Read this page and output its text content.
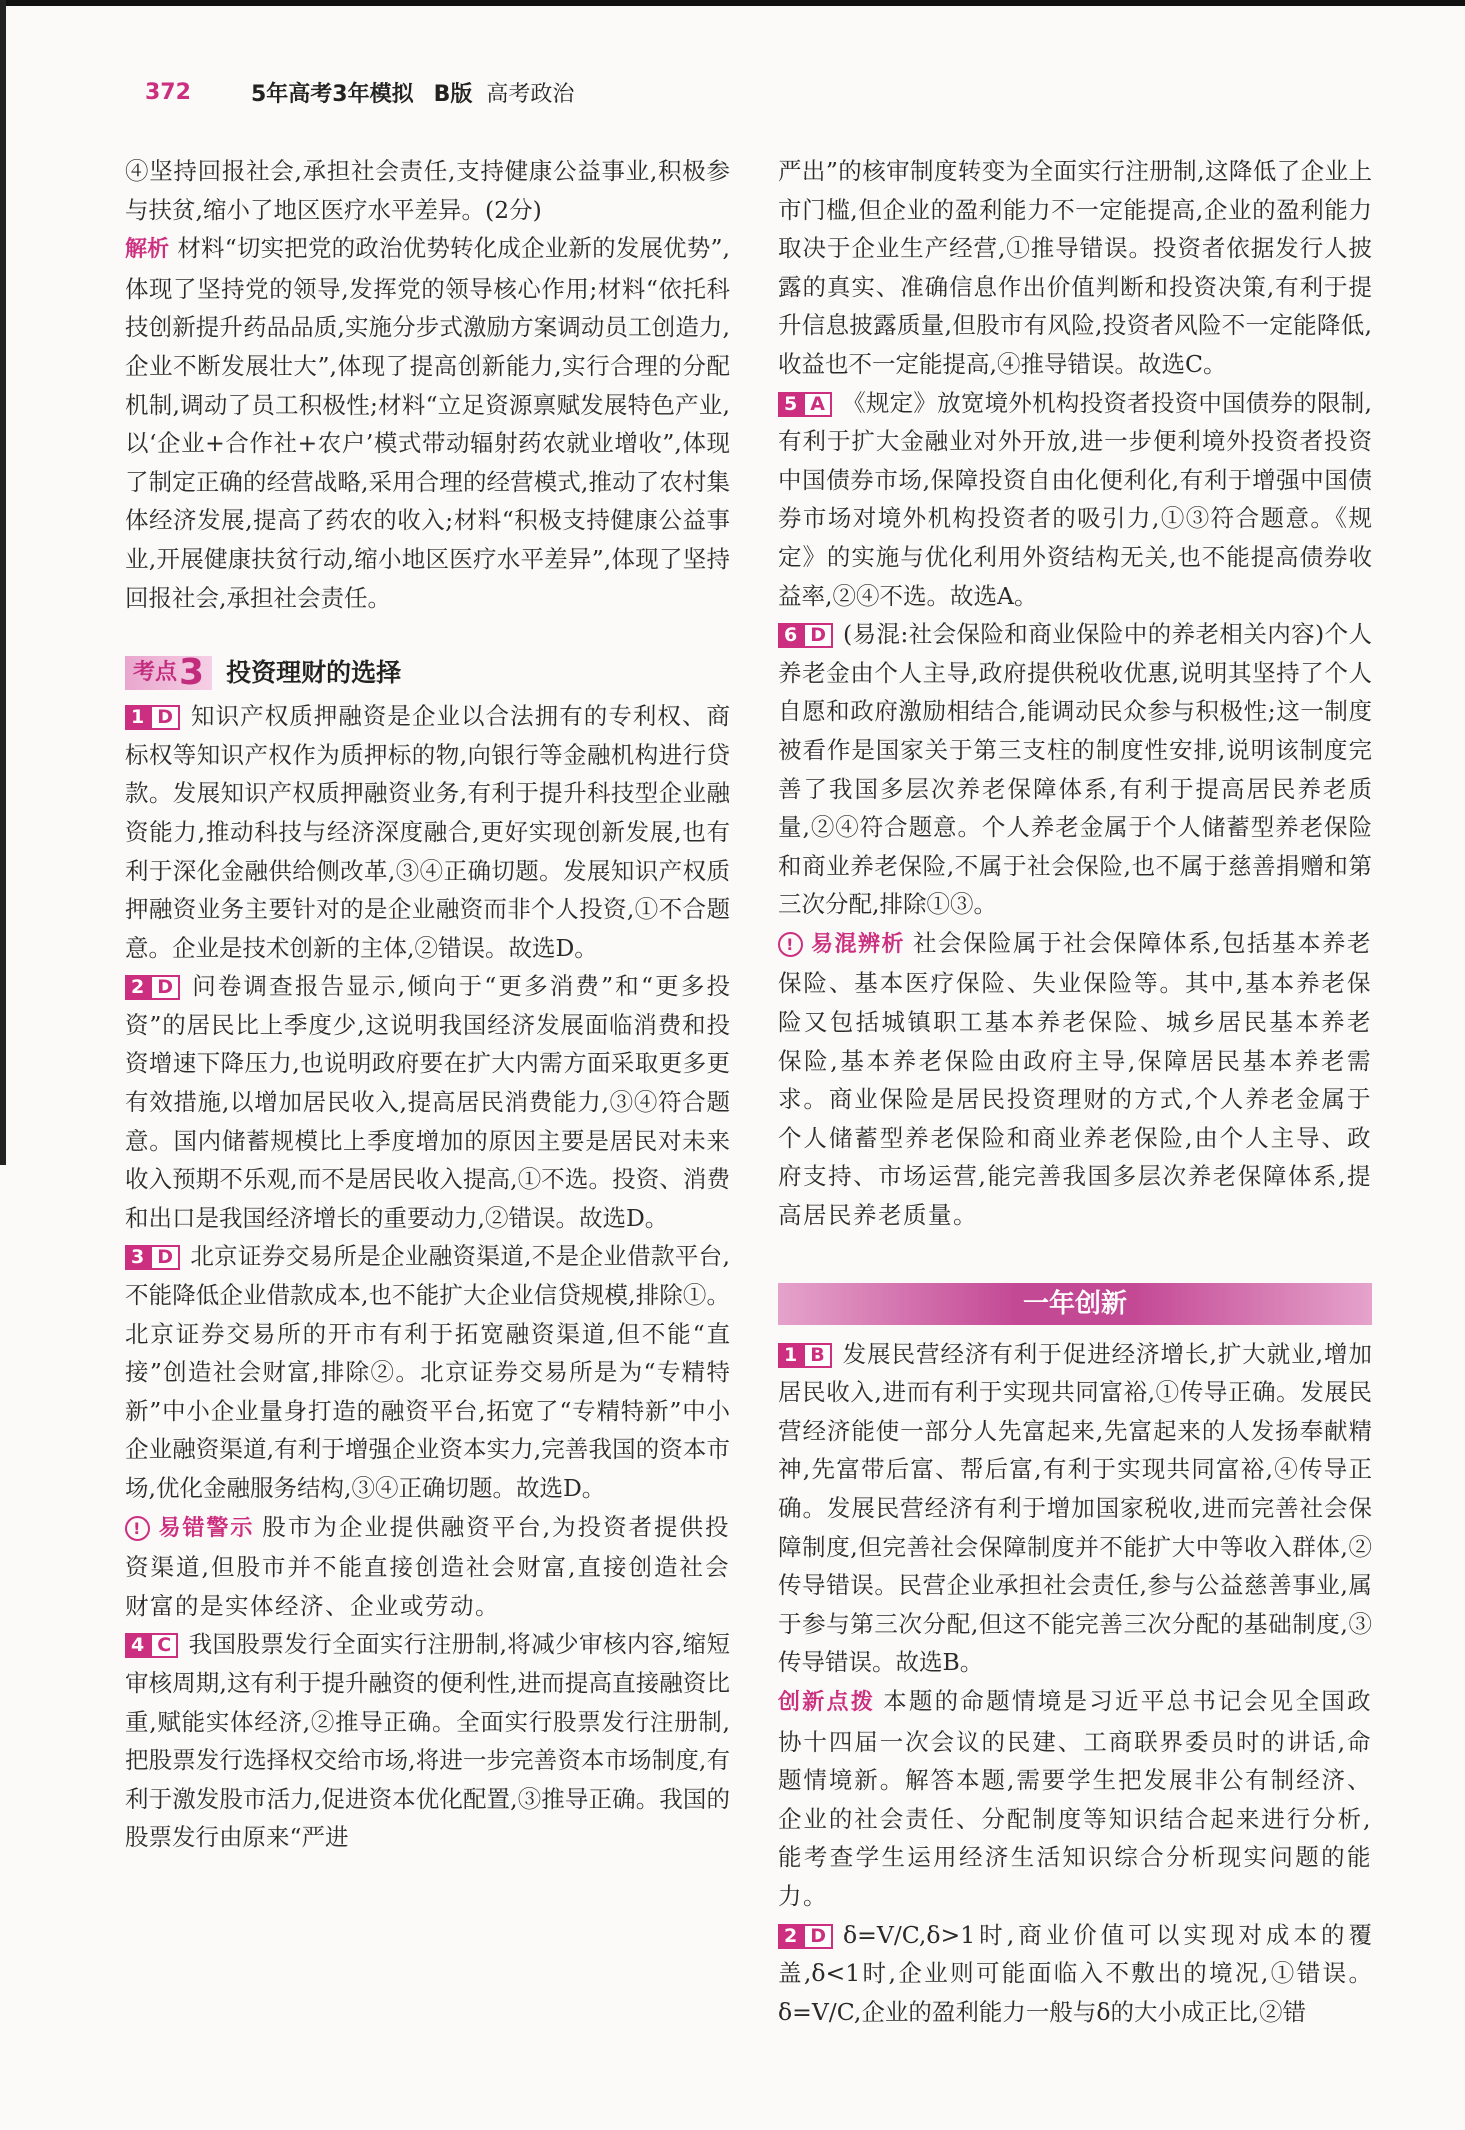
372	5年高考3年模拟 B版 高考政治

④坚持回报社会,承担社会责任,支持健康公益事业,积极参与扶贫,缩小了地区医疗水平差异。(2分)

解析 材料“切实把党的政治优势转化成企业新的发展优势”,体现了坚持党的领导,发挥党的领导核心作用;材料“依托科技创新提升药品品质,实施分步式激励方案调动员工创造力,企业不断发展壮大”,体现了提高创新能力,实行合理的分配机制,调动了员工积极性;材料“立足资源禀赋发展特色产业,以‘企业+合作社+农户’模式带动辐射药农就业增收”,体现了制定正确的经营战略,采用合理的经营模式,推动了农村集体经济发展,提高了药农的收入;材料“积极支持健康公益事业,开展健康扶贫行动,缩小地区医疗水平差异”,体现了坚持回报社会,承担社会责任。

考点 3 投资理财的选择

1 D 知识产权质押融资是企业以合法拥有的专利权、商标权等知识产权作为质押标的物,向银行等金融机构进行贷款。发展知识产权质押融资业务,有利于提升科技型企业融资能力,推动科技与经济深度融合,更好实现创新发展,也有利于深化金融供给侧改革,③④正确切题。发展知识产权质押融资业务主要针对的是企业融资而非个人投资,①不合题意。企业是技术创新的主体,②错误。故选D。

2 D 问卷调查报告显示,倾向于“更多消费”和“更多投资”的居民比上季度少,这说明我国经济发展面临消费和投资增速下降压力,也说明政府要在扩大内需方面采取更多更有效措施,以增加居民收入,提高居民消费能力,③④符合题意。国内储蓄规模比上季度增加的原因主要是居民对未来收入预期不乐观,而不是居民收入提高,①不选。投资、消费和出口是我国经济增长的重要动力,②错误。故选D。

3 D 北京证券交易所是企业融资渠道,不是企业借款平台,不能降低企业借款成本,也不能扩大企业信贷规模,排除①。北京证券交易所的开市有利于拓宽融资渠道,但不能“直接”创造社会财富,排除②。北京证券交易所是为“专精特新”中小企业量身打造的融资平台,拓宽了“专精特新”中小企业融资渠道,有利于增强企业资本实力,完善我国的资本市场,优化金融服务结构,③④正确切题。故选D。

! 易错警示 股市为企业提供融资平台,为投资者提供投资渠道,但股市并不能直接创造社会财富,直接创造社会财富的是实体经济、企业或劳动。

4 C 我国股票发行全面实行注册制,将减少审核内容,缩短审核周期,这有利于提升融资的便利性,进而提高直接融资比重,赋能实体经济,②推导正确。全面实行股票发行注册制,把股票发行选择权交给市场,将进一步完善资本市场制度,有利于激发股市活力,促进资本优化配置,③推导正确。我国的股票发行由原来“严进

严出”的核审制度转变为全面实行注册制,这降低了企业上市门槛,但企业的盈利能力不一定能提高,企业的盈利能力取决于企业生产经营,①推导错误。投资者依据发行人披露的真实、准确信息作出价值判断和投资决策,有利于提升信息披露质量,但股市有风险,投资者风险不一定能降低,收益也不一定能提高,④推导错误。故选C。

5 A 《规定》放宽境外机构投资者投资中国债券的限制,有利于扩大金融业对外开放,进一步便利境外投资者投资中国债券市场,保障投资自由化便利化,有利于增强中国债券市场对境外机构投资者的吸引力,①③符合题意。《规定》的实施与优化利用外资结构无关,也不能提高债券收益率,②④不选。故选A。

6 D (易混:社会保险和商业保险中的养老相关内容)个人养老金由个人主导,政府提供税收优惠,说明其坚持了个人自愿和政府激励相结合,能调动民众参与积极性;这一制度被看作是国家关于第三支柱的制度性安排,说明该制度完善了我国多层次养老保障体系,有利于提高居民养老质量,②④符合题意。个人养老金属于个人储蓄型养老保险和商业养老保险,不属于社会保险,也不属于慈善捐赠和第三次分配,排除①③。

! 易混辨析 社会保险属于社会保障体系,包括基本养老保险、基本医疗保险、失业保险等。其中,基本养老保险又包括城镇职工基本养老保险、城乡居民基本养老保险,基本养老保险由政府主导,保障居民基本养老需求。商业保险是居民投资理财的方式,个人养老金属于个人储蓄型养老保险和商业养老保险,由个人主导、政府支持、市场运营,能完善我国多层次养老保障体系,提高居民养老质量。

一年创新

1 B 发展民营经济有利于促进经济增长,扩大就业,增加居民收入,进而有利于实现共同富裕,①传导正确。发展民营经济能使一部分人先富起来,先富起来的人发扬奉献精神,先富带后富、帮后富,有利于实现共同富裕,④传导正确。发展民营经济有利于增加国家税收,进而完善社会保障制度,但完善社会保障制度并不能扩大中等收入群体,②传导错误。民营企业承担社会责任,参与公益慈善事业,属于参与第三次分配,但这不能完善三次分配的基础制度,③传导错误。故选B。

创新点拨 本题的命题情境是习近平总书记会见全国政协十四届一次会议的民建、工商联界委员时的讲话,命题情境新。解答本题,需要学生把发展非公有制经济、企业的社会责任、分配制度等知识结合起来进行分析,能考查学生运用经济生活知识综合分析现实问题的能力。

2 D δ=V/C,δ>1时,商业价值可以实现对成本的覆盖,δ<1时,企业则可能面临入不敷出的境况,①错误。δ=V/C,企业的盈利能力一般与δ的大小成正比,②错
